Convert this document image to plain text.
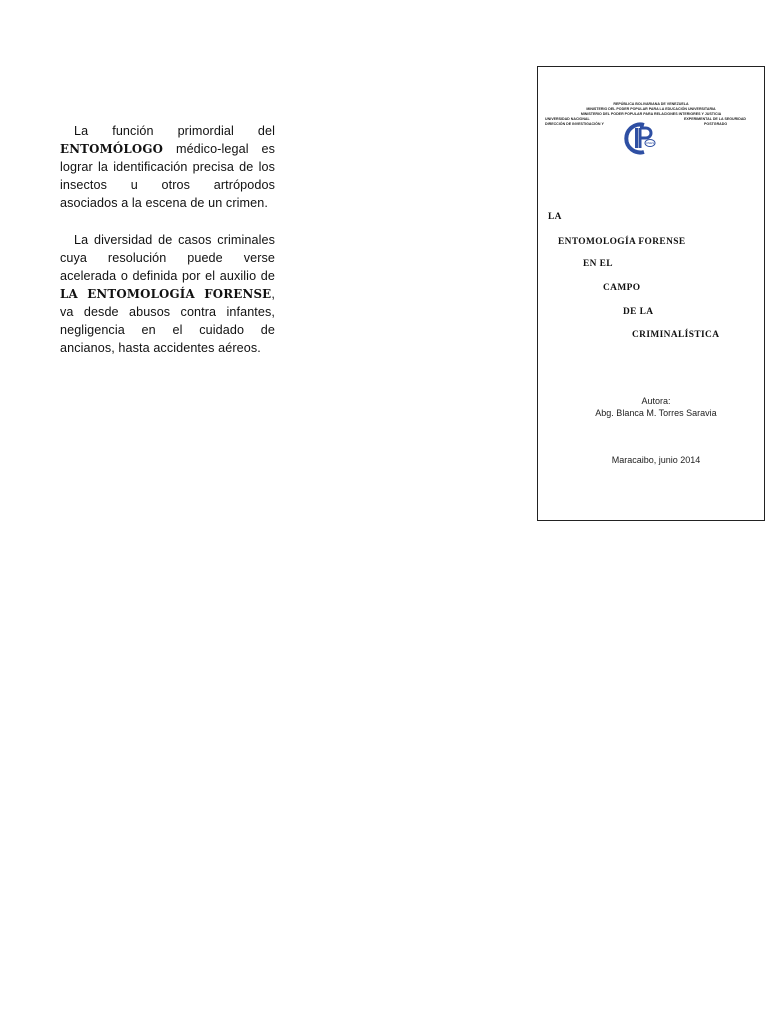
La función primordial del ENTOMÓLOGO médico-legal es lograr la identificación precisa de los insectos u otros artrópodos asociados a la escena de un crimen.

La diversidad de casos criminales cuya resolución puede verse acelerada o definida por el auxilio de LA ENTOMOLOGÍA FORENSE, va desde abusos contra infantes, negligencia en el cuidado de ancianos, hasta accidentes aéreos.

REPÚBLICA BOLIVARIANA DE VENEZUELA
MINISTERIO DEL PODER POPULAR PARA LA EDUCACIÓN UNIVERSITARIA
MINISTERIO DEL PODER POPULAR PARA RELACIONES INTERIORES Y JUSTICIA
UNIVERSIDAD NACIONAL	EXPERIMENTAL DE LA SEGURIDAD
DIRECCIÓN DE INVESTIGACIÓN Y	POSTGRADO
UNES
LA
ENTOMOLOGÍA FORENSE
EN EL
CAMPO
DE LA
CRIMINALÍSTICA
Autora:
Abg. Blanca M. Torres Saravia
Maracaibo, junio 2014
